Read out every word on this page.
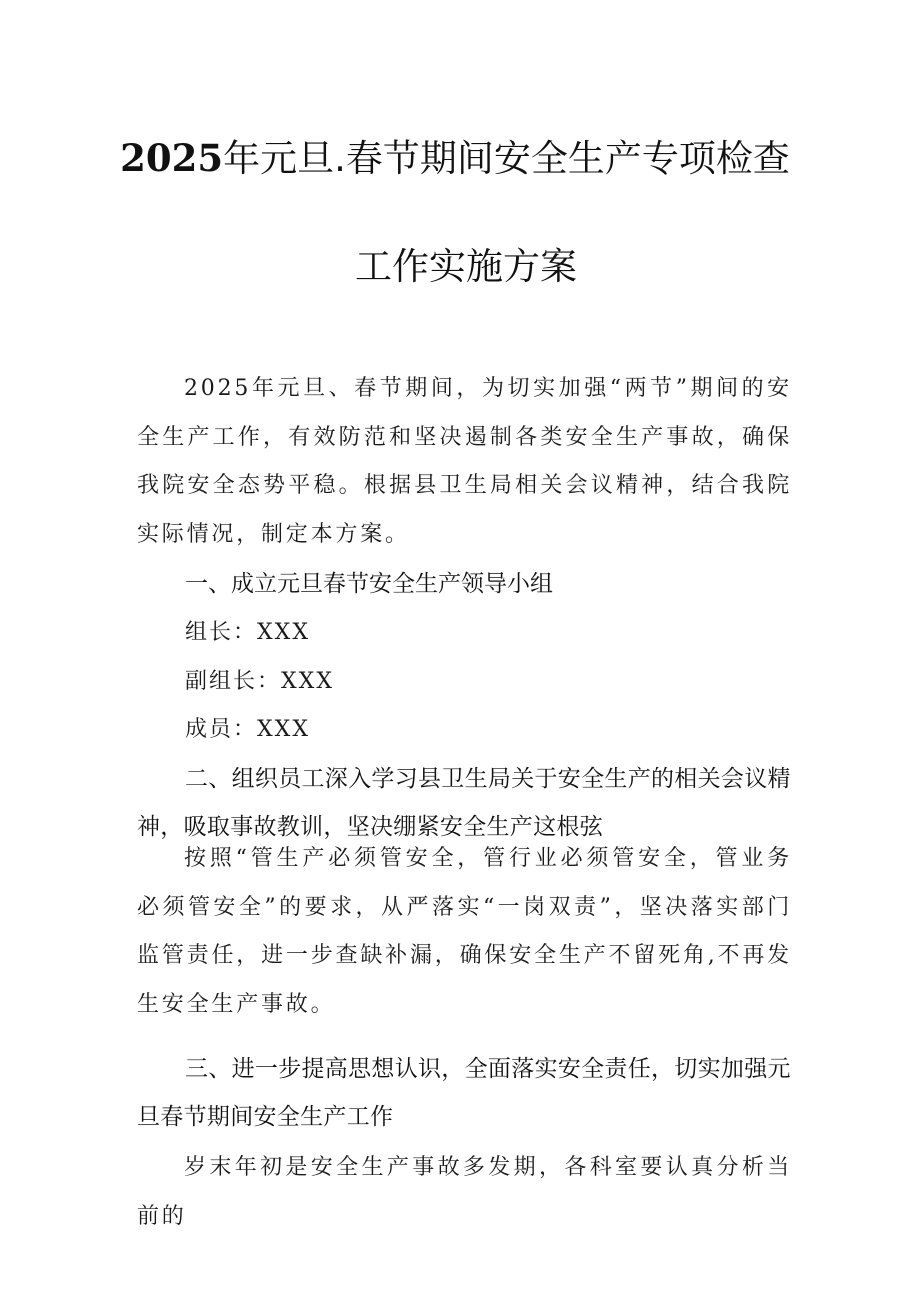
2025年元旦.春节期间安全生产专项检查
工作实施方案

2025年元旦、春节期间，为切实加强“两节”期间的安全生产工作，有效防范和坚决遏制各类安全生产事故，确保我院安全态势平稳。根据县卫生局相关会议精神，结合我院实际情况，制定本方案。

一、成立元旦春节安全生产领导小组

组长：XXX

副组长：XXX

成员：XXX

二、组织员工深入学习县卫生局关于安全生产的相关会议精神，吸取事故教训，坚决绷紧安全生产这根弦

按照“管生产必须管安全，管行业必须管安全，管业务必须管安全”的要求，从严落实“一岗双责”，坚决落实部门监管责任，进一步查缺补漏，确保安全生产不留死角,不再发生安全生产事故。

三、进一步提高思想认识，全面落实安全责任，切实加强元旦春节期间安全生产工作

岁末年初是安全生产事故多发期，各科室要认真分析当前的
